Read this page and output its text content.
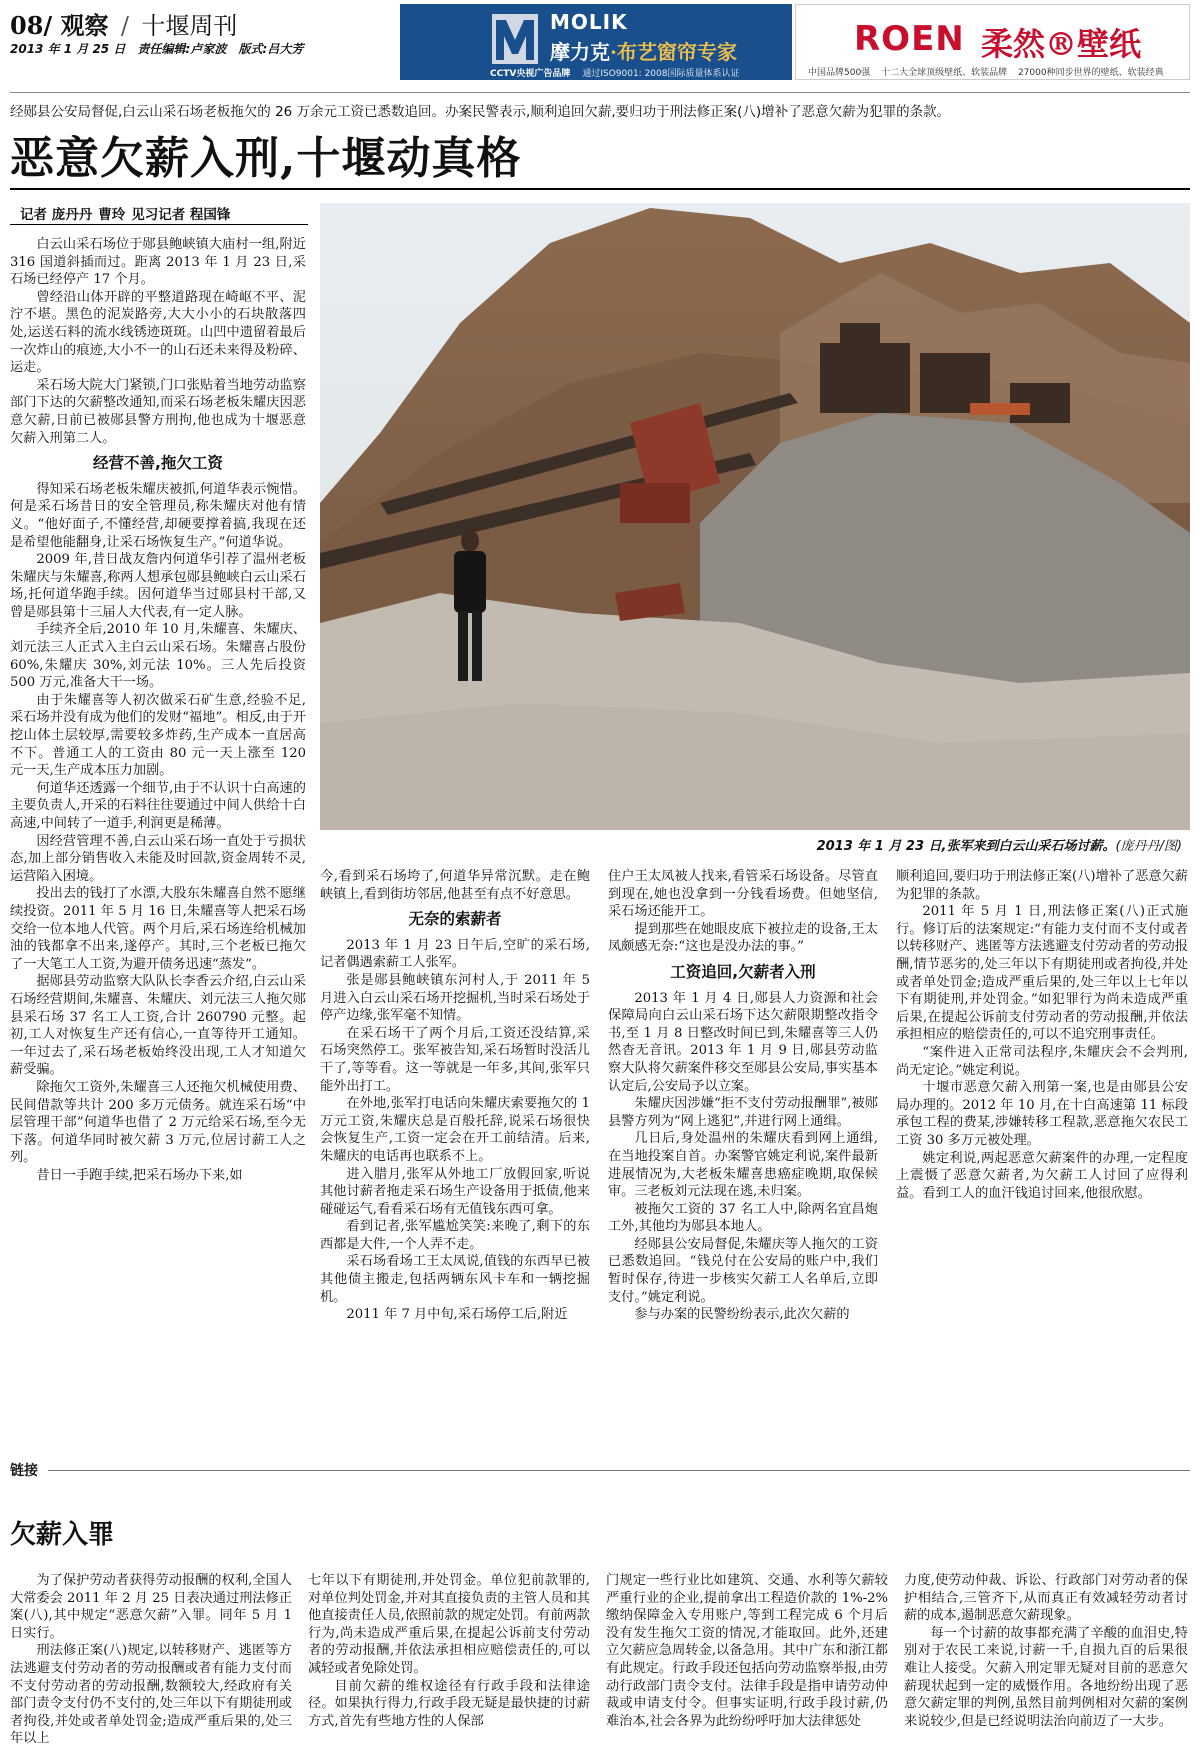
08/ 观察 / 十堰周刊
2013 年 1 月 25 日 责任编辑:卢家波 版式:吕大芳
MOLIK
摩力克·布艺窗帘专家
CCTV央视广告品牌 通过ISO9001: 2008国际质量体系认证
ROEN 柔然®壁纸
中国品牌500强 十二大全球顶级壁纸、软装品牌 27000种同步世界的壁纸、软装经典
经郧县公安局督促,白云山采石场老板拖欠的 26 万余元工资已悉数追回。办案民警表示,顺利追回欠薪,要归功于刑法修正案(八)增补了恶意欠薪为犯罪的条款。
恶意欠薪入刑,十堰动真格
记者 庞丹丹 曹玲 见习记者 程国锋
2013 年 1 月 23 日,张军来到白云山采石场讨薪。(庞丹丹/图)

白云山采石场位于郧县鲍峡镇大庙村一组,附近 316 国道斜插而过。距离 2013 年 1 月 23 日,采石场已经停产 17 个月。

曾经沿山体开辟的平整道路现在崎岖不平、泥泞不堪。黑色的泥炭路旁,大大小小的石块散落四处,运送石料的流水线锈迹斑斑。山凹中遗留着最后一次炸山的痕迹,大小不一的山石还未来得及粉碎、运走。

采石场大院大门紧锁,门口张贴着当地劳动监察部门下达的欠薪整改通知,而采石场老板朱耀庆因恶意欠薪,日前已被郧县警方刑拘,他也成为十堰恶意欠薪入刑第二人。

经营不善,拖欠工资

得知采石场老板朱耀庆被抓,何道华表示惋惜。何是采石场昔日的安全管理员,称朱耀庆对他有情义。“他好面子,不懂经营,却硬要撑着搞,我现在还是希望他能翻身,让采石场恢复生产。”何道华说。

2009 年,昔日战友詹内何道华引荐了温州老板朱耀庆与朱耀喜,称两人想承包郧县鲍峡白云山采石场,托何道华跑手续。因何道华当过郧县村干部,又曾是郧县第十三届人大代表,有一定人脉。

手续齐全后,2010 年 10 月,朱耀喜、朱耀庆、刘元法三人正式入主白云山采石场。朱耀喜占股份 60%,朱耀庆 30%,刘元法 10%。三人先后投资 500 万元,准备大干一场。

由于朱耀喜等人初次做采石矿生意,经验不足,采石场并没有成为他们的发财“福地”。相反,由于开挖山体土层较厚,需要较多炸药,生产成本一直居高不下。普通工人的工资由 80 元一天上涨至 120 元一天,生产成本压力加剧。

何道华还透露一个细节,由于不认识十白高速的主要负责人,开采的石料往往要通过中间人供给十白高速,中间转了一道手,利润更是稀薄。

因经营管理不善,白云山采石场一直处于亏损状态,加上部分销售收入未能及时回款,资金周转不灵,运营陷入困境。

投出去的钱打了水漂,大股东朱耀喜自然不愿继续投资。2011 年 5 月 16 日,朱耀喜等人把采石场交给一位本地人代管。两个月后,采石场连给机械加油的钱都拿不出来,遂停产。其时,三个老板已拖欠了一大笔工人工资,为避开债务迅速“蒸发”。

据郧县劳动监察大队队长李香云介绍,白云山采石场经营期间,朱耀喜、朱耀庆、刘元法三人拖欠郧县采石场 37 名工人工资,合计 260790 元整。起初,工人对恢复生产还有信心,一直等待开工通知。一年过去了,采石场老板始终没出现,工人才知道欠薪受骗。

除拖欠工资外,朱耀喜三人还拖欠机械使用费、民间借款等共计 200 多万元债务。就连采石场“中层管理干部”何道华也借了 2 万元给采石场,至今无下落。何道华同时被欠薪 3 万元,位居讨薪工人之列。

昔日一手跑手续,把采石场办下来,如

今,看到采石场垮了,何道华异常沉默。走在鲍峡镇上,看到街坊邻居,他甚至有点不好意思。

无奈的索薪者

2013 年 1 月 23 日午后,空旷的采石场,记者偶遇索薪工人张军。

张是郧县鲍峡镇东河村人,于 2011 年 5 月进入白云山采石场开挖掘机,当时采石场处于停产边缘,张军毫不知情。

在采石场干了两个月后,工资还没结算,采石场突然停工。张军被告知,采石场暂时没活儿干了,等等看。这一等就是一年多,其间,张军只能外出打工。

在外地,张军打电话向朱耀庆索要拖欠的 1 万元工资,朱耀庆总是百般托辞,说采石场很快会恢复生产,工资一定会在开工前结清。后来,朱耀庆的电话再也联系不上。

进入腊月,张军从外地工厂放假回家,听说其他讨薪者拖走采石场生产设备用于抵债,他来碰碰运气,看看采石场有无值钱东西可拿。

看到记者,张军尴尬笑笑:来晚了,剩下的东西都是大件,一个人弄不走。

采石场看场工王太凤说,值钱的东西早已被其他债主搬走,包括两辆东风卡车和一辆挖掘机。

2011 年 7 月中旬,采石场停工后,附近

住户王太凤被人找来,看管采石场设备。尽管直到现在,她也没拿到一分钱看场费。但她坚信,采石场还能开工。

提到那些在她眼皮底下被拉走的设备,王太凤颇感无奈:“这也是没办法的事。”

工资追回,欠薪者入刑

2013 年 1 月 4 日,郧县人力资源和社会保障局向白云山采石场下达欠薪限期整改指令书,至 1 月 8 日整改时间已到,朱耀喜等三人仍然杳无音讯。2013 年 1 月 9 日,郧县劳动监察大队将欠薪案件移交至郧县公安局,事实基本认定后,公安局予以立案。

朱耀庆因涉嫌“拒不支付劳动报酬罪”,被郧县警方列为“网上逃犯”,并进行网上通缉。

几日后,身处温州的朱耀庆看到网上通缉,在当地投案自首。办案警官姚定利说,案件最新进展情况为,大老板朱耀喜患癌症晚期,取保候审。三老板刘元法现在逃,未归案。

被拖欠工资的 37 名工人中,除两名宜昌炮工外,其他均为郧县本地人。

经郧县公安局督促,朱耀庆等人拖欠的工资已悉数追回。“钱兑付在公安局的账户中,我们暂时保存,待进一步核实欠薪工人名单后,立即支付。”姚定利说。

参与办案的民警纷纷表示,此次欠薪的

顺利追回,要归功于刑法修正案(八)增补了恶意欠薪为犯罪的条款。

2011 年 5 月 1 日,刑法修正案(八)正式施行。修订后的法案规定:“有能力支付而不支付或者以转移财产、逃匿等方法逃避支付劳动者的劳动报酬,情节恶劣的,处三年以下有期徒刑或者拘役,并处或者单处罚金;造成严重后果的,处三年以上七年以下有期徒刑,并处罚金。”如犯罪行为尚未造成严重后果,在提起公诉前支付劳动者的劳动报酬,并依法承担相应的赔偿责任的,可以不追究刑事责任。

“案件进入正常司法程序,朱耀庆会不会判刑,尚无定论。”姚定利说。

十堰市恶意欠薪入刑第一案,也是由郧县公安局办理的。2012 年 10 月,在十白高速第 11 标段承包工程的费某,涉嫌转移工程款,恶意拖欠农民工工资 30 多万元被处理。

姚定利说,两起恶意欠薪案件的办理,一定程度上震慑了恶意欠薪者,为欠薪工人讨回了应得利益。看到工人的血汗钱追讨回来,他很欣慰。

链接
欠薪入罪

为了保护劳动者获得劳动报酬的权利,全国人大常委会 2011 年 2 月 25 日表决通过刑法修正案(八),其中规定“恶意欠薪”入罪。同年 5 月 1 日实行。

刑法修正案(八)规定,以转移财产、逃匿等方法逃避支付劳动者的劳动报酬或者有能力支付而不支付劳动者的劳动报酬,数额较大,经政府有关部门责令支付仍不支付的,处三年以下有期徒刑或者拘役,并处或者单处罚金;造成严重后果的,处三年以上

七年以下有期徒刑,并处罚金。单位犯前款罪的,对单位判处罚金,并对其直接负责的主管人员和其他直接责任人员,依照前款的规定处罚。有前两款行为,尚未造成严重后果,在提起公诉前支付劳动者的劳动报酬,并依法承担相应赔偿责任的,可以减轻或者免除处罚。

目前欠薪的维权途径有行政手段和法律途径。如果执行得力,行政手段无疑是最快捷的讨薪方式,首先有些地方性的人保部

门规定一些行业比如建筑、交通、水利等欠薪较严重行业的企业,提前拿出工程造价款的 1%-2%缴纳保障金入专用账户,等到工程完成 6 个月后没有发生拖欠工资的情况,才能取回。此外,还建立欠薪应急周转金,以备急用。其中广东和浙江都有此规定。行政手段还包括向劳动监察举报,由劳动行政部门责令支付。法律手段是指申请劳动仲裁或申请支付令。但事实证明,行政手段讨薪,仍难治本,社会各界为此纷纷呼吁加大法律惩处

力度,使劳动仲裁、诉讼、行政部门对劳动者的保护相结合,三管齐下,从而真正有效减轻劳动者讨薪的成本,遏制恶意欠薪现象。

每一个讨薪的故事都充满了辛酸的血泪史,特别对于农民工来说,讨薪一千,自损九百的后果很难让人接受。欠薪入刑定罪无疑对目前的恶意欠薪现状起到一定的威慑作用。各地纷纷出现了恶意欠薪定罪的判例,虽然目前判例相对欠薪的案例来说较少,但是已经说明法治向前迈了一大步。
